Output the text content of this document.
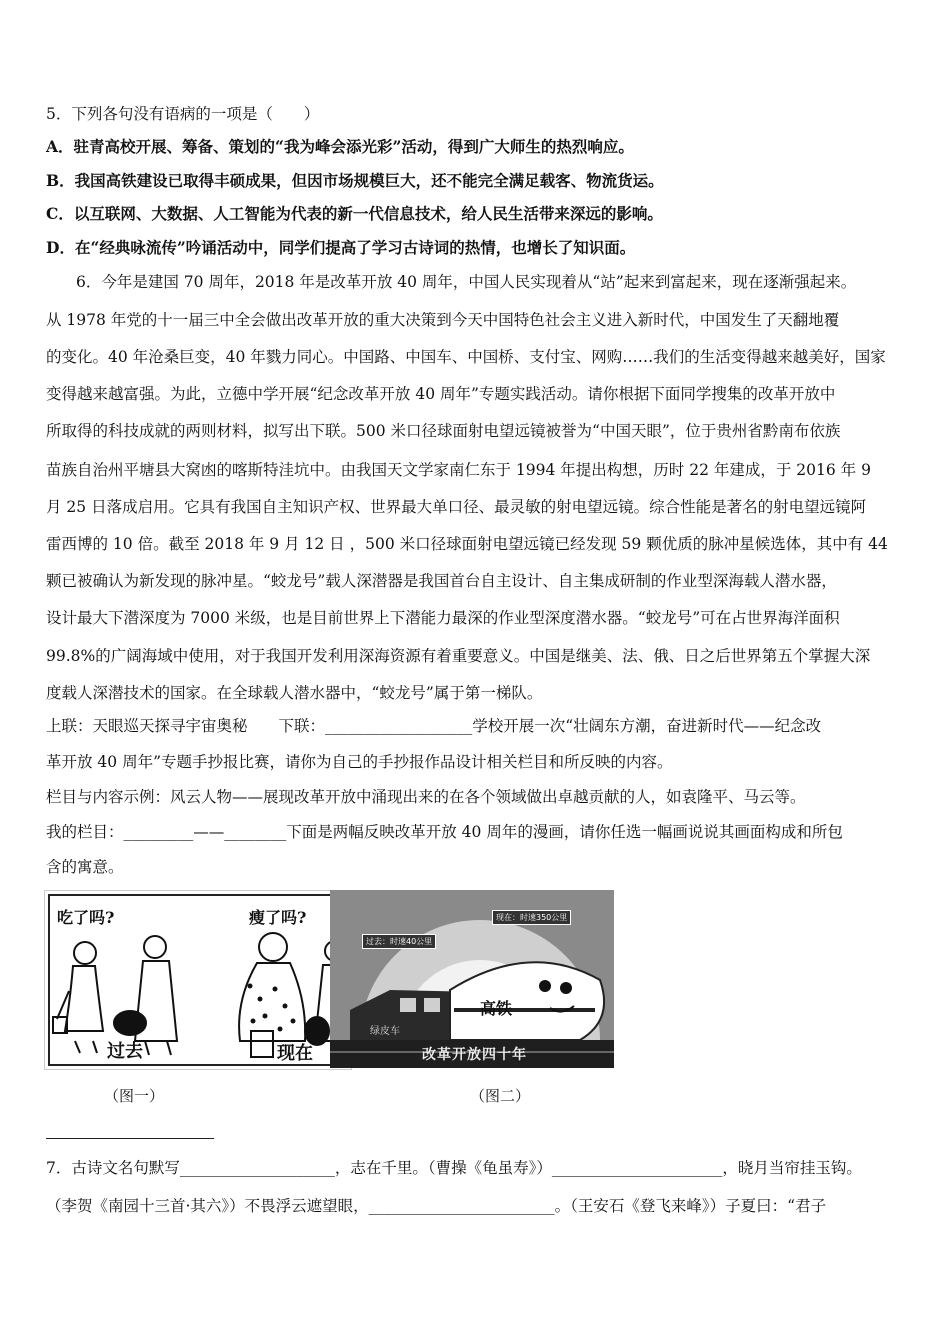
5．下列各句没有语病的一项是（　　）
A．驻青高校开展、筹备、策划的“我为峰会添光彩”活动，得到广大师生的热烈响应。
B．我国高铁建设已取得丰硕成果，但因市场规模巨大，还不能完全满足载客、物流货运。
C．以互联网、大数据、人工智能为代表的新一代信息技术，给人民生活带来深远的影响。
D．在“经典咏流传”吟诵活动中，同学们提高了学习古诗词的热情，也增长了知识面。
6．今年是建国 70 周年，2018 年是改革开放 40 周年，中国人民实现着从“站”起来到富起来，现在逐渐强起来。
从 1978 年党的十一届三中全会做出改革开放的重大决策到今天中国特色社会主义进入新时代，中国发生了天翻地覆
的变化。40 年沧桑巨变，40 年戮力同心。中国路、中国车、中国桥、支付宝、网购……我们的生活变得越来越美好，国家
变得越来越富强。为此，立德中学开展“纪念改革开放 40 周年”专题实践活动。请你根据下面同学搜集的改革开放中
所取得的科技成就的两则材料，拟写出下联。500 米口径球面射电望远镜被誉为“中国天眼”，位于贵州省黔南布依族
苗族自治州平塘县大窝凼的喀斯特洼坑中。由我国天文学家南仁东于 1994 年提出构想，历时 22 年建成，于 2016 年 9
月 25 日落成启用。它具有我国自主知识产权、世界最大单口径、最灵敏的射电望远镜。综合性能是著名的射电望远镜阿
雷西博的 10 倍。截至 2018 年 9 月 12 日 ，500 米口径球面射电望远镜已经发现 59 颗优质的脉冲星候选体，其中有 44
颗已被确认为新发现的脉冲星。“蛟龙号”载人深潜器是我国首台自主设计、自主集成研制的作业型深海载人潜水器，
设计最大下潜深度为 7000 米级，也是目前世界上下潜能力最深的作业型深度潜水器。“蛟龙号”可在占世界海洋面积
99.8%的广阔海域中使用，对于我国开发利用深海资源有着重要意义。中国是继美、法、俄、日之后世界第五个掌握大深
度载人深潜技术的国家。在全球载人潜水器中，“蛟龙号”属于第一梯队。
上联：天眼巡天探寻宇宙奥秘　　下联：___________________学校开展一次“壮阔东方潮，奋进新时代——纪念改
革开放 40 周年”专题手抄报比赛，请你为自己的手抄报作品设计相关栏目和所反映的内容。
栏目与内容示例：风云人物——展现改革开放中涌现出来的在各个领域做出卓越贡献的人，如袁隆平、马云等。
我的栏目：_________——________下面是两幅反映改革开放 40 周年的漫画，请你任选一幅画说说其画面构成和所包
含的寓意。
吃了吗?	瘦了吗?
过去	现在
（图一）
过去：时速40公里
现在：时速350公里
绿皮车
高铁
改革开放四十年
（图二）
7．古诗文名句默写____________________，志在千里。（曹操《龟虽寿》）______________________，晓月当帘挂玉钩。
（李贺《南园十三首·其六》）不畏浮云遮望眼，________________________。（王安石《登飞来峰》）子夏曰：“君子
